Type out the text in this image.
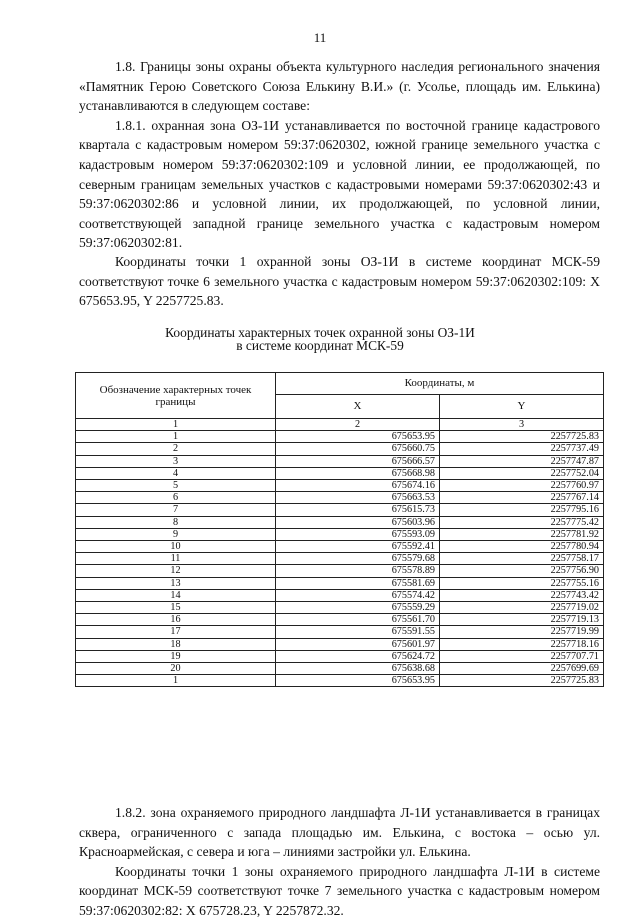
11

1.8. Границы зоны охраны объекта культурного наследия регионального значения «Памятник Герою Советского Союза Елькину В.И.» (г. Усолье, площадь им. Елькина) устанавливаются в следующем составе:

1.8.1. охранная зона ОЗ-1И устанавливается по восточной границе кадастрового квартала с кадастровым номером 59:37:0620302, южной границе земельного участка с кадастровым номером 59:37:0620302:109 и условной линии, ее продолжающей, по северным границам земельных участков с кадастровыми номерами 59:37:0620302:43 и 59:37:0620302:86 и условной линии, их продолжающей, по условной линии, соответствующей западной границе земельного участка с кадастровым номером 59:37:0620302:81.

Координаты точки 1 охранной зоны ОЗ-1И в системе координат МСК-59 соответствуют точке 6 земельного участка с кадастровым номером 59:37:0620302:109: X 675653.95, Y 2257725.83.

Координаты характерных точек охранной зоны ОЗ-1И
в системе координат МСК-59
Обозначение характерных точек границы	Координаты, м	
	X	Y
1	2	3
1	675653.95	2257725.83
2	675660.75	2257737.49
3	675666.57	2257747.87
4	675668.98	2257752.04
5	675674.16	2257760.97
6	675663.53	2257767.14
7	675615.73	2257795.16
8	675603.96	2257775.42
9	675593.09	2257781.92
10	675592.41	2257780.94
11	675579.68	2257758.17
12	675578.89	2257756.90
13	675581.69	2257755.16
14	675574.42	2257743.42
15	675559.29	2257719.02
16	675561.70	2257719.13
17	675591.55	2257719.99
18	675601.97	2257718.16
19	675624.72	2257707.71
20	675638.68	2257699.69
1	675653.95	2257725.83

1.8.2. зона охраняемого природного ландшафта Л-1И устанавливается в границах сквера, ограниченного с запада площадью им. Елькина, с востока – осью ул. Красноармейская, с севера и юга – линиями застройки ул. Елькина.

Координаты точки 1 зоны охраняемого природного ландшафта Л-1И в системе координат МСК-59 соответствуют точке 7 земельного участка с кадастровым номером 59:37:0620302:82: X 675728.23, Y 2257872.32.
